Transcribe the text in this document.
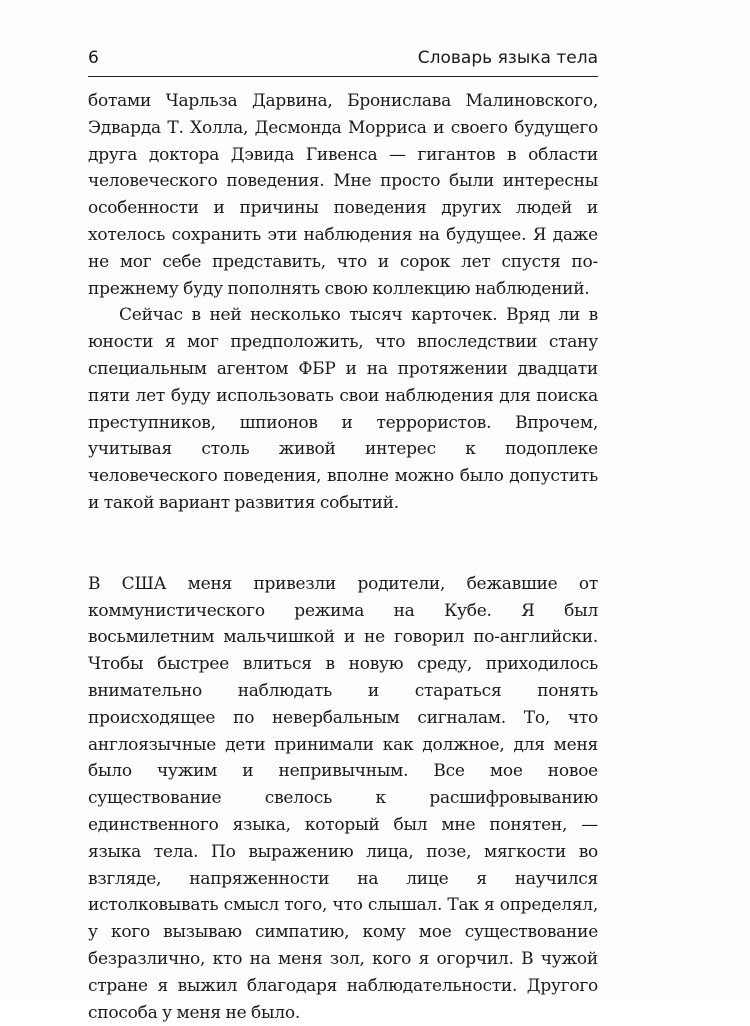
6	Словарь языка тела

ботами Чарльза Дарвина, Бронислава Малиновского, Эдварда Т. Холла, Десмонда Морриса и своего будущего друга доктора Дэвида Гивенса — гигантов в области человеческого поведения. Мне просто были интересны особенности и причины поведения других людей и хотелось сохранить эти наблюдения на будущее. Я даже не мог себе представить, что и сорок лет спустя по-прежнему буду пополнять свою коллекцию наблюдений.

Сейчас в ней несколько тысяч карточек. Вряд ли в юности я мог предположить, что впоследствии стану специальным агентом ФБР и на протяжении двадцати пяти лет буду использовать свои наблюдения для поиска преступников, шпионов и террористов. Впрочем, учитывая столь живой интерес к подоплеке человеческого поведения, вполне можно было допустить и такой вариант развития событий.

В США меня привезли родители, бежавшие от коммунистического режима на Кубе. Я был восьмилетним мальчишкой и не говорил по-английски. Чтобы быстрее влиться в новую среду, приходилось внимательно наблюдать и стараться понять происходящее по невербальным сигналам. То, что англоязычные дети принимали как должное, для меня было чужим и непривычным. Все мое новое существование свелось к расшифровыванию единственного языка, который был мне понятен, — языка тела. По выражению лица, позе, мягкости во взгляде, напряженности на лице я научился истолковывать смысл того, что слышал. Так я определял, у кого вызываю симпатию, кому мое существование безразлично, кто на меня зол, кого я огорчил. В чужой стране я выжил благодаря наблюдательности. Другого способа у меня не было.
